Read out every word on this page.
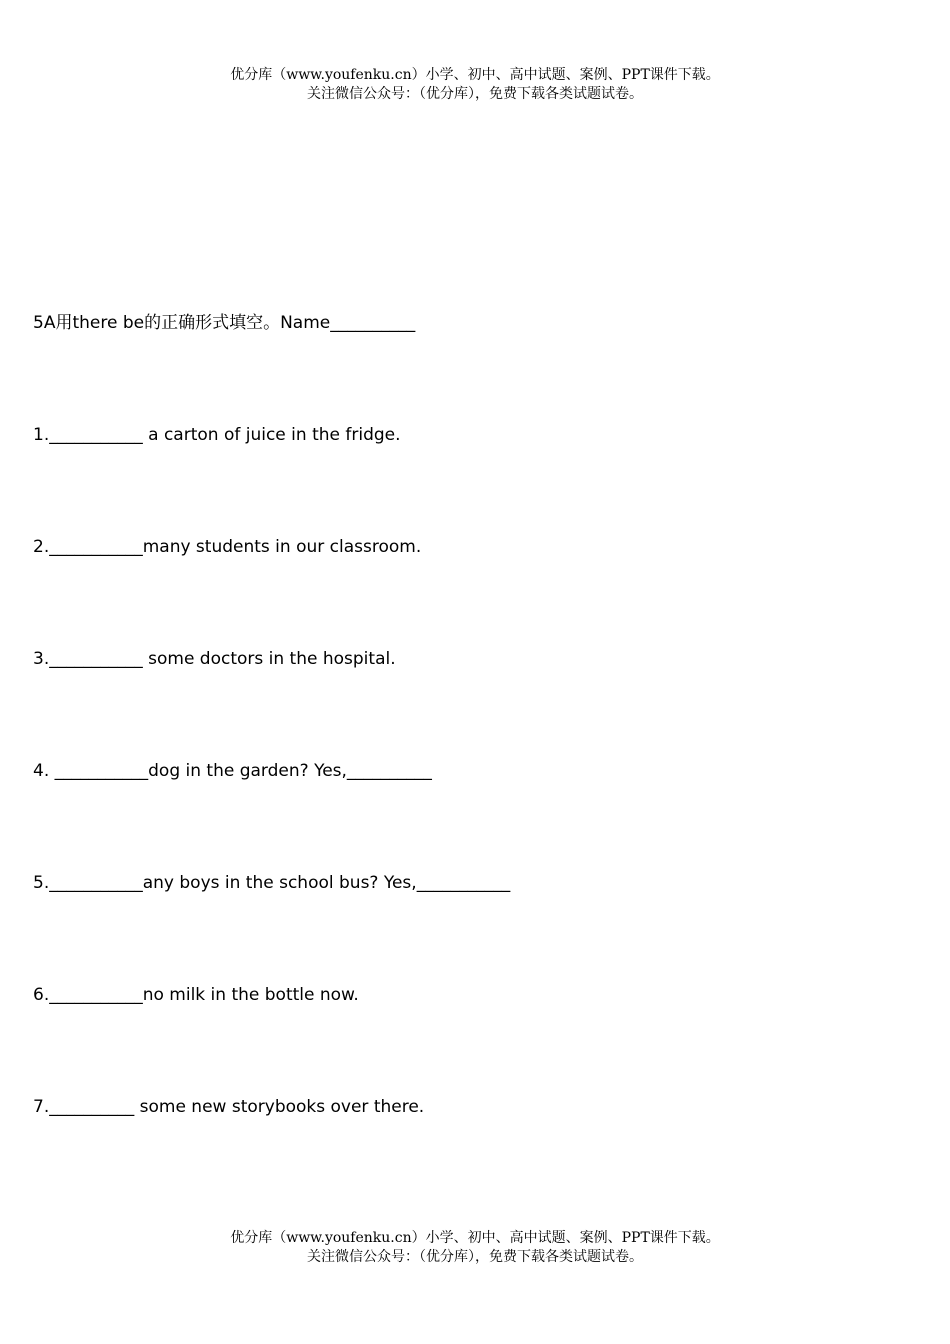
优分库（www.youfenku.cn）小学、初中、高中试题、案例、PPT课件下载。
关注微信公众号：（优分库），免费下载各类试题试卷。
5A用there be的正确形式填空。Name__________
1.___________ a carton of juice in the fridge.
2.___________many students in our classroom.
3.___________ some doctors in the hospital.
4. ___________dog in the garden? Yes,__________
5.___________any boys in the school bus? Yes,___________
6.___________no milk in the bottle now.
7.__________ some new storybooks over there.
优分库（www.youfenku.cn）小学、初中、高中试题、案例、PPT课件下载。
关注微信公众号：（优分库），免费下载各类试题试卷。
